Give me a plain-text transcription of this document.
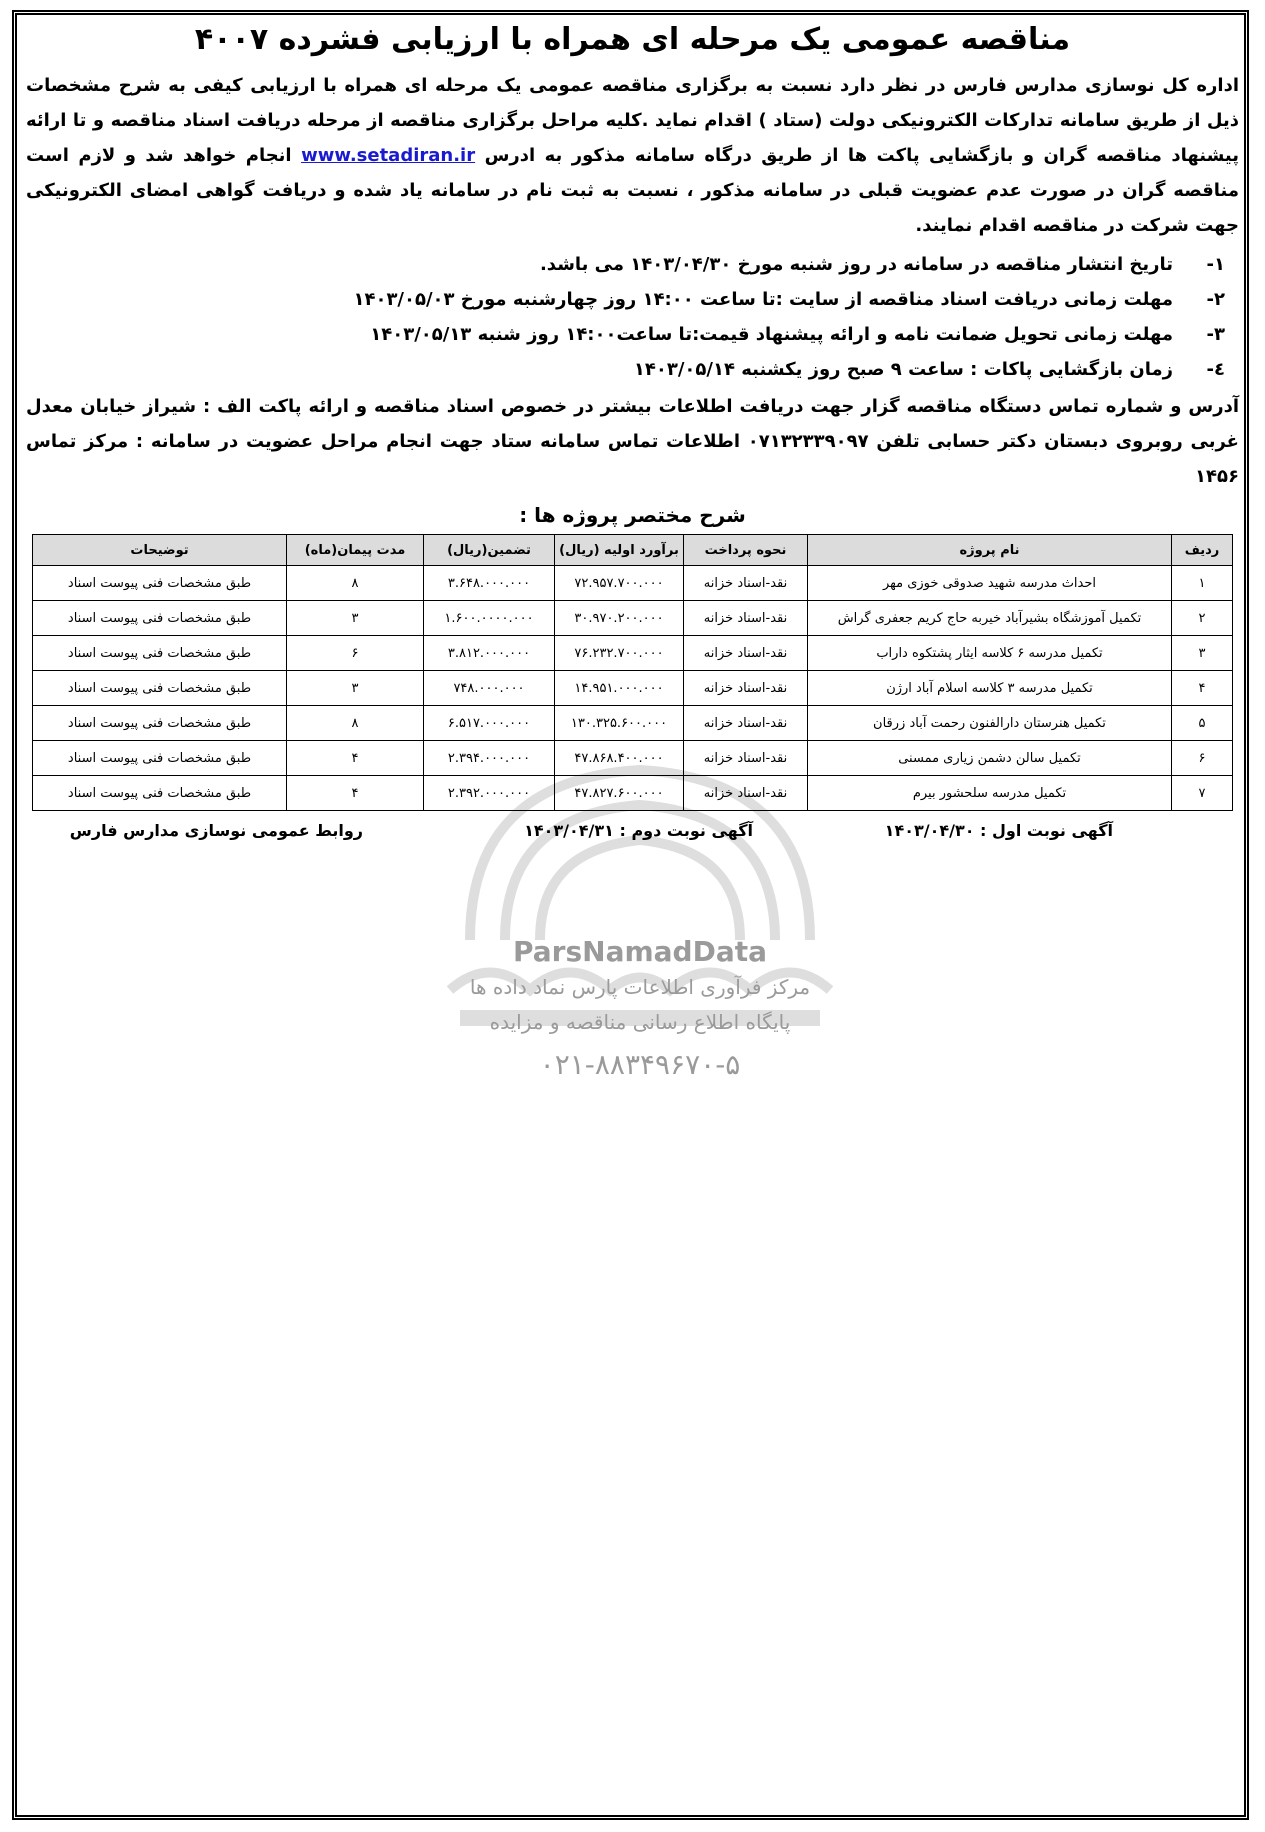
ParsNamadData
مرکز فرآوری اطلاعات پارس نماد داده ها
پایگاه اطلاع رسانی مناقصه و مزایده
۰۲۱-۸۸۳۴۹۶۷۰-۵
مناقصه عمومی یک مرحله ای همراه با ارزیابی فشرده ۴۰۰۷
اداره کل نوسازی مدارس فارس در نظر دارد نسبت به برگزاری مناقصه عمومی یک مرحله ای همراه با ارزیابی کیفی به شرح مشخصات ذیل از طریق سامانه تدارکات الکترونیکی دولت (ستاد ) اقدام نماید .کلیه مراحل برگزاری مناقصه از مرحله دریافت اسناد مناقصه و تا ارائه پیشنهاد مناقصه گران و بازگشایی پاکت ها از طریق درگاه سامانه مذکور به ادرس www.setadiran.ir انجام خواهد شد و لازم است مناقصه گران در صورت عدم عضویت قبلی در سامانه مذکور ، نسبت به ثبت نام در سامانه یاد شده و دریافت گواهی امضای الکترونیکی جهت شرکت در مناقصه اقدام نمایند.
۱-تاریخ انتشار مناقصه در سامانه در روز شنبه مورخ ۱۴۰۳/۰۴/۳۰ می باشد.
۲-مهلت زمانی دریافت اسناد مناقصه از سایت :تا ساعت ۱۴:۰۰ روز چهارشنبه مورخ ۱۴۰۳/۰۵/۰۳
۳-مهلت زمانی تحویل ضمانت نامه و ارائه پیشنهاد قیمت:تا ساعت۱۴:۰۰ روز شنبه ۱۴۰۳/۰۵/۱۳
٤-زمان بازگشایی پاکات : ساعت ۹ صبح روز یکشنبه ۱۴۰۳/۰۵/۱۴
آدرس و شماره تماس دستگاه مناقصه گزار جهت دریافت اطلاعات بیشتر در خصوص اسناد مناقصه و ارائه پاکت الف : شیراز خیابان معدل غربی روبروی دبستان دکتر حسابی تلفن ۰۷۱۳۲۳۳۹۰۹۷ اطلاعات تماس سامانه ستاد جهت انجام مراحل عضویت در سامانه : مرکز تماس ۱۴۵۶
شرح مختصر پروژه ها :
ردیف	نام پروژه	نحوه پرداخت	برآورد اولیه (ریال)	تضمین(ریال)	مدت پیمان(ماه)	توضیحات
۱	احداث مدرسه شهید صدوقی خوزی مهر	نقد-اسناد خزانه	۷۲.۹۵۷.۷۰۰.۰۰۰	۳.۶۴۸.۰۰۰.۰۰۰	۸	طبق مشخصات فنی پیوست اسناد
۲	تکمیل آموزشگاه بشیرآباد خیربه حاج کریم جعفری گراش	نقد-اسناد خزانه	۳۰.۹۷۰.۲۰۰.۰۰۰	۱.۶۰۰.۰۰۰۰.۰۰۰	۳	طبق مشخصات فنی پیوست اسناد
۳	تکمیل مدرسه ۶ کلاسه ایثار پشتکوه داراب	نقد-اسناد خزانه	۷۶.۲۳۲.۷۰۰.۰۰۰	۳.۸۱۲.۰۰۰.۰۰۰	۶	طبق مشخصات فنی پیوست اسناد
۴	تکمیل مدرسه ۳ کلاسه اسلام آباد ارژن	نقد-اسناد خزانه	۱۴.۹۵۱.۰۰۰.۰۰۰	۷۴۸.۰۰۰.۰۰۰	۳	طبق مشخصات فنی پیوست اسناد
۵	تکمیل هنرستان دارالفنون رحمت آباد زرقان	نقد-اسناد خزانه	۱۳۰.۳۲۵.۶۰۰.۰۰۰	۶.۵۱۷.۰۰۰.۰۰۰	۸	طبق مشخصات فنی پیوست اسناد
۶	تکمیل سالن دشمن زیاری ممسنی	نقد-اسناد خزانه	۴۷.۸۶۸.۴۰۰.۰۰۰	۲.۳۹۴.۰۰۰.۰۰۰	۴	طبق مشخصات فنی پیوست اسناد
۷	تکمیل مدرسه سلحشور بیرم	نقد-اسناد خزانه	۴۷.۸۲۷.۶۰۰.۰۰۰	۲.۳۹۲.۰۰۰.۰۰۰	۴	طبق مشخصات فنی پیوست اسناد
آگهی نوبت اول : ۱۴۰۳/۰۴/۳۰
آگهی نوبت دوم : ۱۴۰۳/۰۴/۳۱
روابط عمومی نوسازی مدارس فارس
